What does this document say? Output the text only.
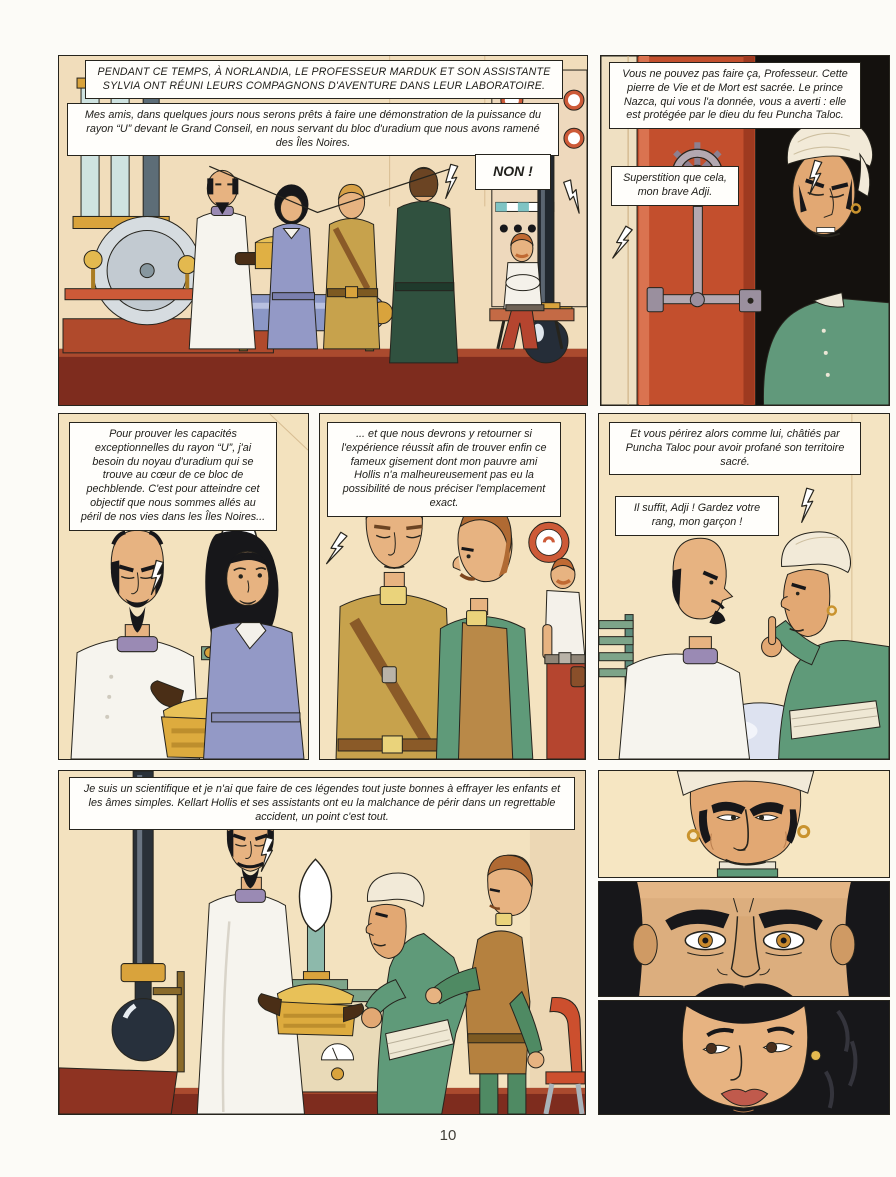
PENDANT CE TEMPS, À NORLANDIA, LE PROFESSEUR MARDUK ET SON ASSISTANTE SYLVIA ONT RÉUNI LEURS COMPAGNONS D'AVENTURE DANS LEUR LABORATOIRE.
Mes amis, dans quelques jours nous serons prêts à faire une démonstration de la puissance du rayon “U” devant le Grand Conseil, en nous servant du bloc d'uradium que nous avons ramené des Îles Noires.
NON !
Vous ne pouvez pas faire ça, Professeur. Cette pierre de Vie et de Mort est sacrée. Le prince Nazca, qui vous l'a donnée, vous a averti : elle est protégée par le dieu du feu Puncha Taloc.
Superstition que cela, mon brave Adji.
Pour prouver les capacités exceptionnelles du rayon “U”, j'ai besoin du noyau d'uradium qui se trouve au cœur de ce bloc de pechblende. C'est pour atteindre cet objectif que nous sommes allés au péril de nos vies dans les Îles Noires...
... et que nous devrons y retourner si l'expérience réussit afin de trouver enfin ce fameux gisement dont mon pauvre ami Hollis n'a malheureusement pas eu la possibilité de nous préciser l'emplacement exact.
Et vous périrez alors comme lui, châtiés par Puncha Taloc pour avoir profané son territoire sacré.
Il suffit, Adji ! Gardez votre rang, mon garçon !
Je suis un scientifique et je n'ai que faire de ces légendes tout juste bonnes à effrayer les enfants et les âmes simples. Kellart Hollis et ses assistants ont eu la malchance de périr dans un regrettable accident, un point c'est tout.
10
